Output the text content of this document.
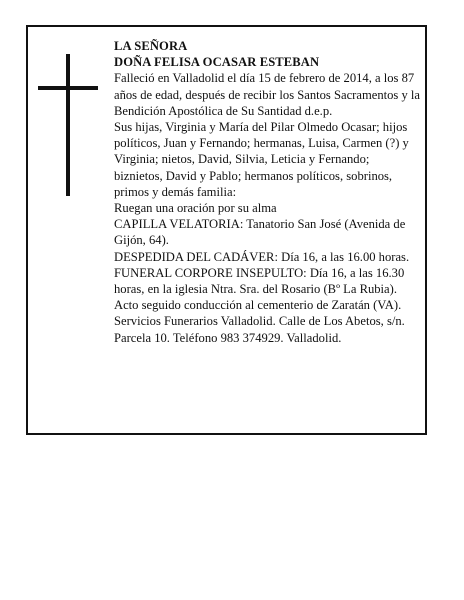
LA SEÑORA

DOÑA FELISA OCASAR ESTEBAN

Falleció en Valladolid el día 15 de febrero de 2014, a los 87 años de edad, después de recibir los Santos Sacramentos y la Bendición Apostólica de Su Santidad d.e.p.

Sus hijas, Virginia y María del Pilar Olmedo Ocasar; hijos políticos, Juan y Fernando; hermanas, Luisa, Carmen (?) y Virginia; nietos, David, Silvia, Leticia y Fernando; biznietos, David y Pablo; hermanos políticos, sobrinos, primos y demás familia:

Ruegan una oración por su alma

CAPILLA VELATORIA: Tanatorio San José (Avenida de Gijón, 64).

DESPEDIDA DEL CADÁVER: Día 16, a las 16.00 horas.

FUNERAL CORPORE INSEPULTO: Día 16, a las 16.30 horas, en la iglesia Ntra. Sra. del Rosario (Bº La Rubia). Acto seguido conducción al cementerio de Zaratán (VA).

Servicios Funerarios Valladolid. Calle de Los Abetos, s/n. Parcela 10. Teléfono 983 374929. Valladolid.
